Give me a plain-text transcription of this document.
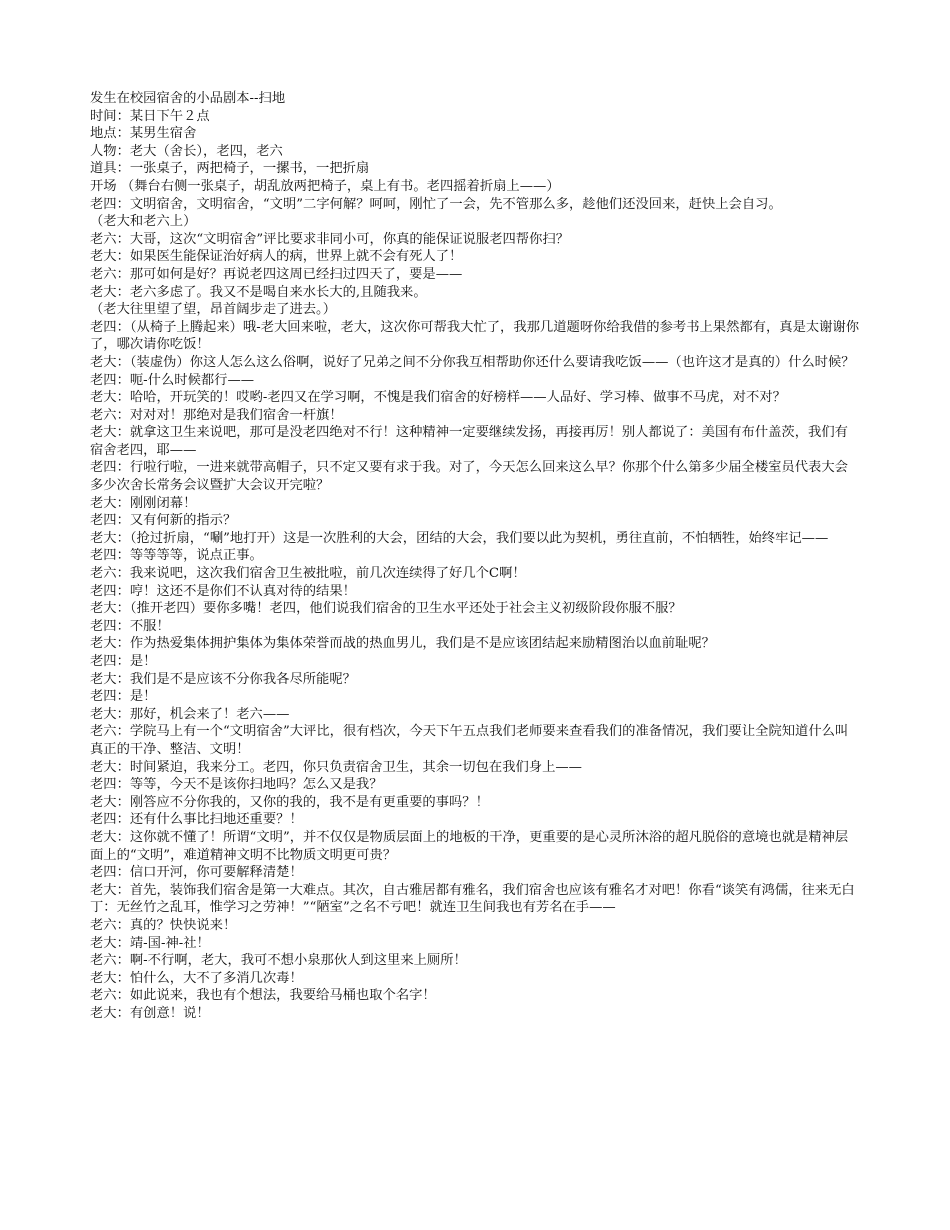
发生在校园宿舍的小品剧本--扫地

时间：某日下午２点

地点：某男生宿舍

人物：老大（舍长），老四，老六

道具：一张桌子，两把椅子，一摞书，一把折扇

开场 （舞台右侧一张桌子，胡乱放两把椅子，桌上有书。老四摇着折扇上——）

老四：文明宿舍，文明宿舍，“文明”二字何解？呵呵，刚忙了一会，先不管那么多，趁他们还没回来，赶快上会自习。

（老大和老六上）

老六：大哥，这次“文明宿舍”评比要求非同小可，你真的能保证说服老四帮你扫？

老大：如果医生能保证治好病人的病，世界上就不会有死人了！

老六：那可如何是好？再说老四这周已经扫过四天了，要是——

老大：老六多虑了。我又不是喝自来水长大的,且随我来。

（老大往里望了望，昂首阔步走了进去。）

老四：（从椅子上腾起来）哦-老大回来啦，老大，这次你可帮我大忙了，我那几道题呀你给我借的参考书上果然都有，真是太谢谢你了，哪次请你吃饭！

老大：（装虚伪）你这人怎么这么俗啊，说好了兄弟之间不分你我互相帮助你还什么要请我吃饭——（也许这才是真的）什么时候？

老四：呃-什么时候都行——

老大：哈哈，开玩笑的！哎哟-老四又在学习啊，不愧是我们宿舍的好榜样——人品好、学习棒、做事不马虎，对不对？

老六：对对对！那绝对是我们宿舍一杆旗！

老大：就拿这卫生来说吧，那可是没老四绝对不行！这种精神一定要继续发扬，再接再厉！别人都说了：美国有布什盖茨，我们有宿舍老四，耶——

老四：行啦行啦，一进来就带高帽子，只不定又要有求于我。对了，今天怎么回来这么早？你那个什么第多少届全楼室员代表大会多少次舍长常务会议暨扩大会议开完啦？

老大：刚刚闭幕！

老四：又有何新的指示？

老大：（抢过折扇，“唰”地打开）这是一次胜利的大会，团结的大会，我们要以此为契机，勇往直前，不怕牺牲，始终牢记——

老四：等等等等，说点正事。

老六：我来说吧，这次我们宿舍卫生被批啦，前几次连续得了好几个C啊！

老四：哼！这还不是你们不认真对待的结果！

老大：（推开老四）要你多嘴！老四，他们说我们宿舍的卫生水平还处于社会主义初级阶段你服不服？

老四：不服！

老大：作为热爱集体拥护集体为集体荣誉而战的热血男儿，我们是不是应该团结起来励精图治以血前耻呢？

老四：是！

老大：我们是不是应该不分你我各尽所能呢？

老四：是！

老大：那好，机会来了！老六——

老六：学院马上有一个“文明宿舍”大评比，很有档次，今天下午五点我们老师要来查看我们的准备情况，我们要让全院知道什么叫真正的干净、整洁、文明！

老大：时间紧迫，我来分工。老四，你只负责宿舍卫生，其余一切包在我们身上——

老四：等等，今天不是该你扫地吗？怎么又是我？

老大：刚答应不分你我的，又你的我的，我不是有更重要的事吗？！

老四：还有什么事比扫地还重要？！

老大：这你就不懂了！所谓“文明”，并不仅仅是物质层面上的地板的干净，更重要的是心灵所沐浴的超凡脱俗的意境也就是精神层面上的“文明”，难道精神文明不比物质文明更可贵？

老四：信口开河，你可要解释清楚！

老大：首先，装饰我们宿舍是第一大难点。其次，自古雅居都有雅名，我们宿舍也应该有雅名才对吧！你看“谈笑有鸿儒，往来无白丁：无丝竹之乱耳，惟学习之劳神！”“陋室”之名不亏吧！就连卫生间我也有芳名在手——

老六：真的？快快说来！

老大：靖-国-神-社！

老六：啊-不行啊，老大，我可不想小泉那伙人到这里来上厕所！

老大：怕什么，大不了多消几次毒！

老六：如此说来，我也有个想法，我要给马桶也取个名字！

老大：有创意！说！
